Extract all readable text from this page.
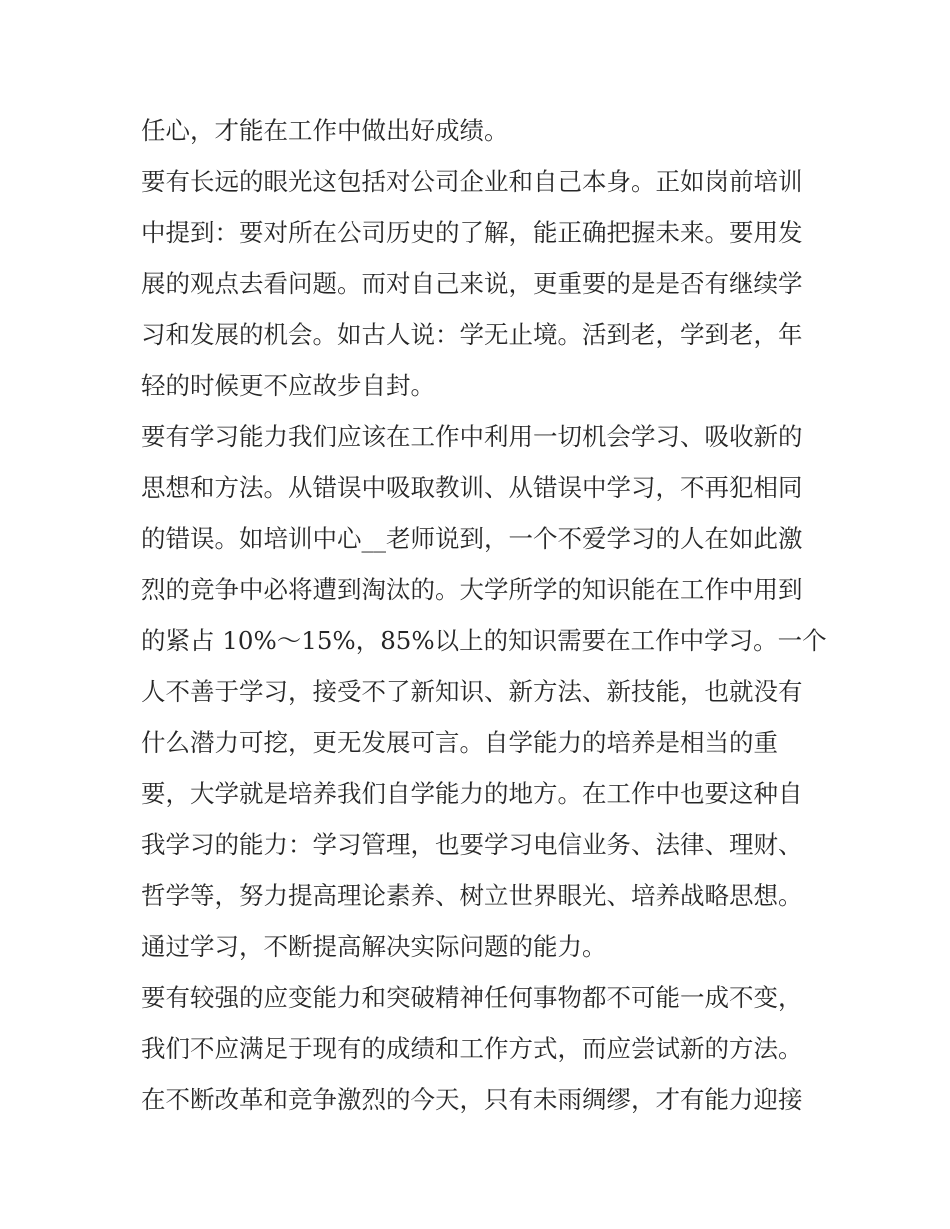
任心，才能在工作中做出好成绩。
要有长远的眼光这包括对公司企业和自己本身。正如岗前培训
中提到：要对所在公司历史的了解，能正确把握未来。要用发
展的观点去看问题。而对自己来说，更重要的是是否有继续学
习和发展的机会。如古人说：学无止境。活到老，学到老，年
轻的时候更不应故步自封。
要有学习能力我们应该在工作中利用一切机会学习、吸收新的
思想和方法。从错误中吸取教训、从错误中学习，不再犯相同
的错误。如培训中心__老师说到，一个不爱学习的人在如此激
烈的竞争中必将遭到淘汰的。大学所学的知识能在工作中用到
的紧占 10%～15%，85%以上的知识需要在工作中学习。一个
人不善于学习，接受不了新知识、新方法、新技能，也就没有
什么潜力可挖，更无发展可言。自学能力的培养是相当的重
要，大学就是培养我们自学能力的地方。在工作中也要这种自
我学习的能力：学习管理，也要学习电信业务、法律、理财、
哲学等，努力提高理论素养、树立世界眼光、培养战略思想。
通过学习，不断提高解决实际问题的能力。
要有较强的应变能力和突破精神任何事物都不可能一成不变，
我们不应满足于现有的成绩和工作方式，而应尝试新的方法。
在不断改革和竞争激烈的今天，只有未雨绸缪，才有能力迎接
